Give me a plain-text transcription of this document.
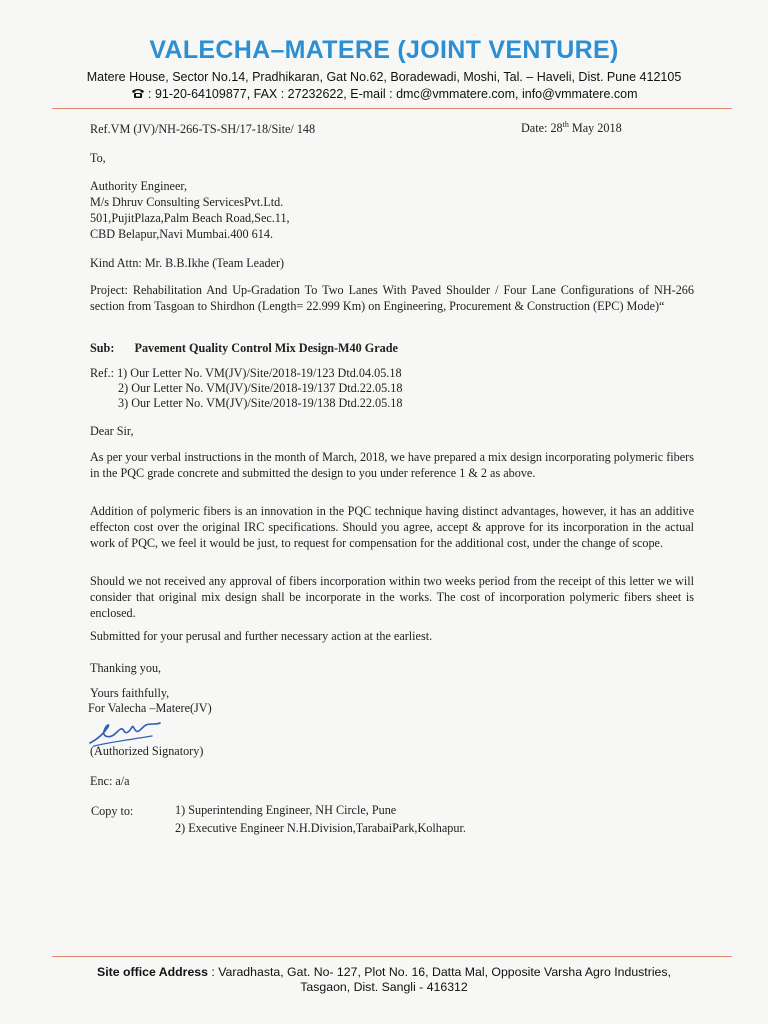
VALECHA–MATERE (JOINT VENTURE)
Matere House, Sector No.14, Pradhikaran, Gat No.62, Boradewadi, Moshi, Tal. – Haveli, Dist. Pune 412105
: 91-20-64109877, FAX : 27232622, E-mail : dmc@vmmatere.com, info@vmmatere.com
Ref.VM (JV)/NH-266-TS-SH/17-18/Site/ 148	Date: 28th May 2018
To,
Authority Engineer,
M/s Dhruv Consulting ServicesPvt.Ltd.
501,PujitPlaza,Palm Beach Road,Sec.11,
CBD Belapur,Navi Mumbai.400 614.
Kind Attn: Mr. B.B.Ikhe (Team Leader)
Project: Rehabilitation And Up-Gradation To Two Lanes With Paved Shoulder / Four Lane Configurations of NH-266 section from Tasgoan to Shirdhon (Length= 22.999 Km) on Engineering, Procurement & Construction (EPC) Mode)“
Sub: Pavement Quality Control Mix Design-M40 Grade
Ref.: 1) Our Letter No. VM(JV)/Site/2018-19/123 Dtd.04.05.18
2) Our Letter No. VM(JV)/Site/2018-19/137 Dtd.22.05.18
3) Our Letter No. VM(JV)/Site/2018-19/138 Dtd.22.05.18
Dear Sir,
As per your verbal instructions in the month of March, 2018, we have prepared a mix design incorporating polymeric fibers in the PQC grade concrete and submitted the design to you under reference 1 & 2 as above.
Addition of polymeric fibers is an innovation in the PQC technique having distinct advantages, however, it has an additive effecton cost over the original IRC specifications. Should you agree, accept & approve for its incorporation in the actual work of PQC, we feel it would be just, to request for compensation for the additional cost, under the change of scope.
Should we not received any approval of fibers incorporation within two weeks period from the receipt of this letter we will consider that original mix design shall be incorporate in the works. The cost of incorporation polymeric fibers sheet is enclosed.
Submitted for your perusal and further necessary action at the earliest.
Thanking you,
Yours faithfully,
For Valecha –Matere(JV)
(Authorized Signatory)
Enc: a/a
Copy to:	1) Superintending Engineer, NH Circle, Pune
2) Executive Engineer N.H.Division,TarabaiPark,Kolhapur.
Site office Address : Varadhasta, Gat. No- 127, Plot No. 16, Datta Mal, Opposite Varsha Agro Industries,
Tasgaon, Dist. Sangli - 416312
